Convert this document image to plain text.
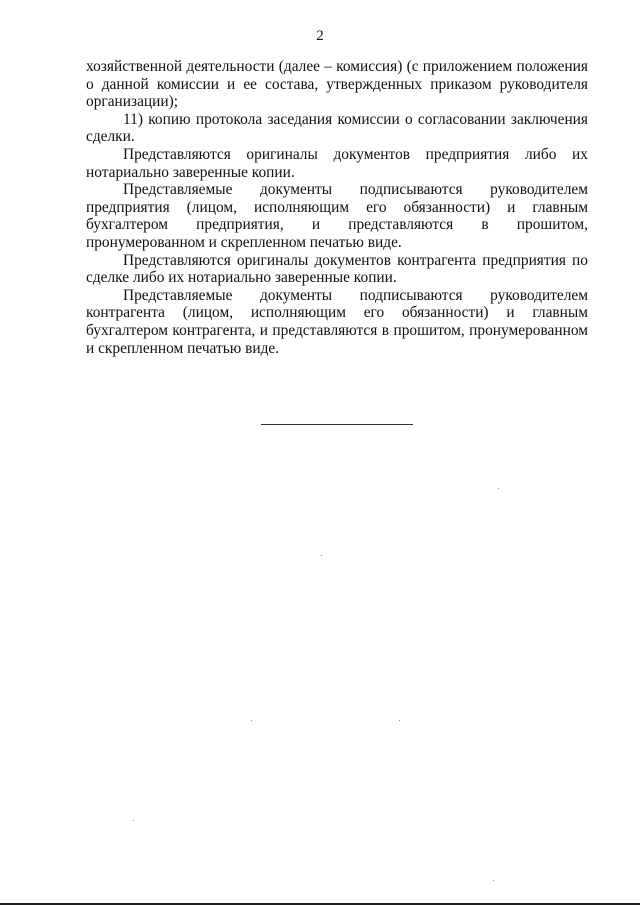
2

хозяйственной деятельности (далее – комиссия) (с приложением положения о данной комиссии и ее состава, утвержденных приказом руководителя организации);

11) копию протокола заседания комиссии о согласовании заключения сделки.

Представляются оригиналы документов предприятия либо их нотариально заверенные копии.

Представляемые документы подписываются руководителем предприятия (лицом, исполняющим его обязанности) и главным бухгалтером предприятия, и представляются в прошитом, пронумерованном и скрепленном печатью виде.

Представляются оригиналы документов контрагента предприятия по сделке либо их нотариально заверенные копии.

Представляемые документы подписываются руководителем контрагента (лицом, исполняющим его обязанности) и главным бухгалтером контрагента, и представляются в прошитом, пронумерованном и скрепленном печатью виде.
